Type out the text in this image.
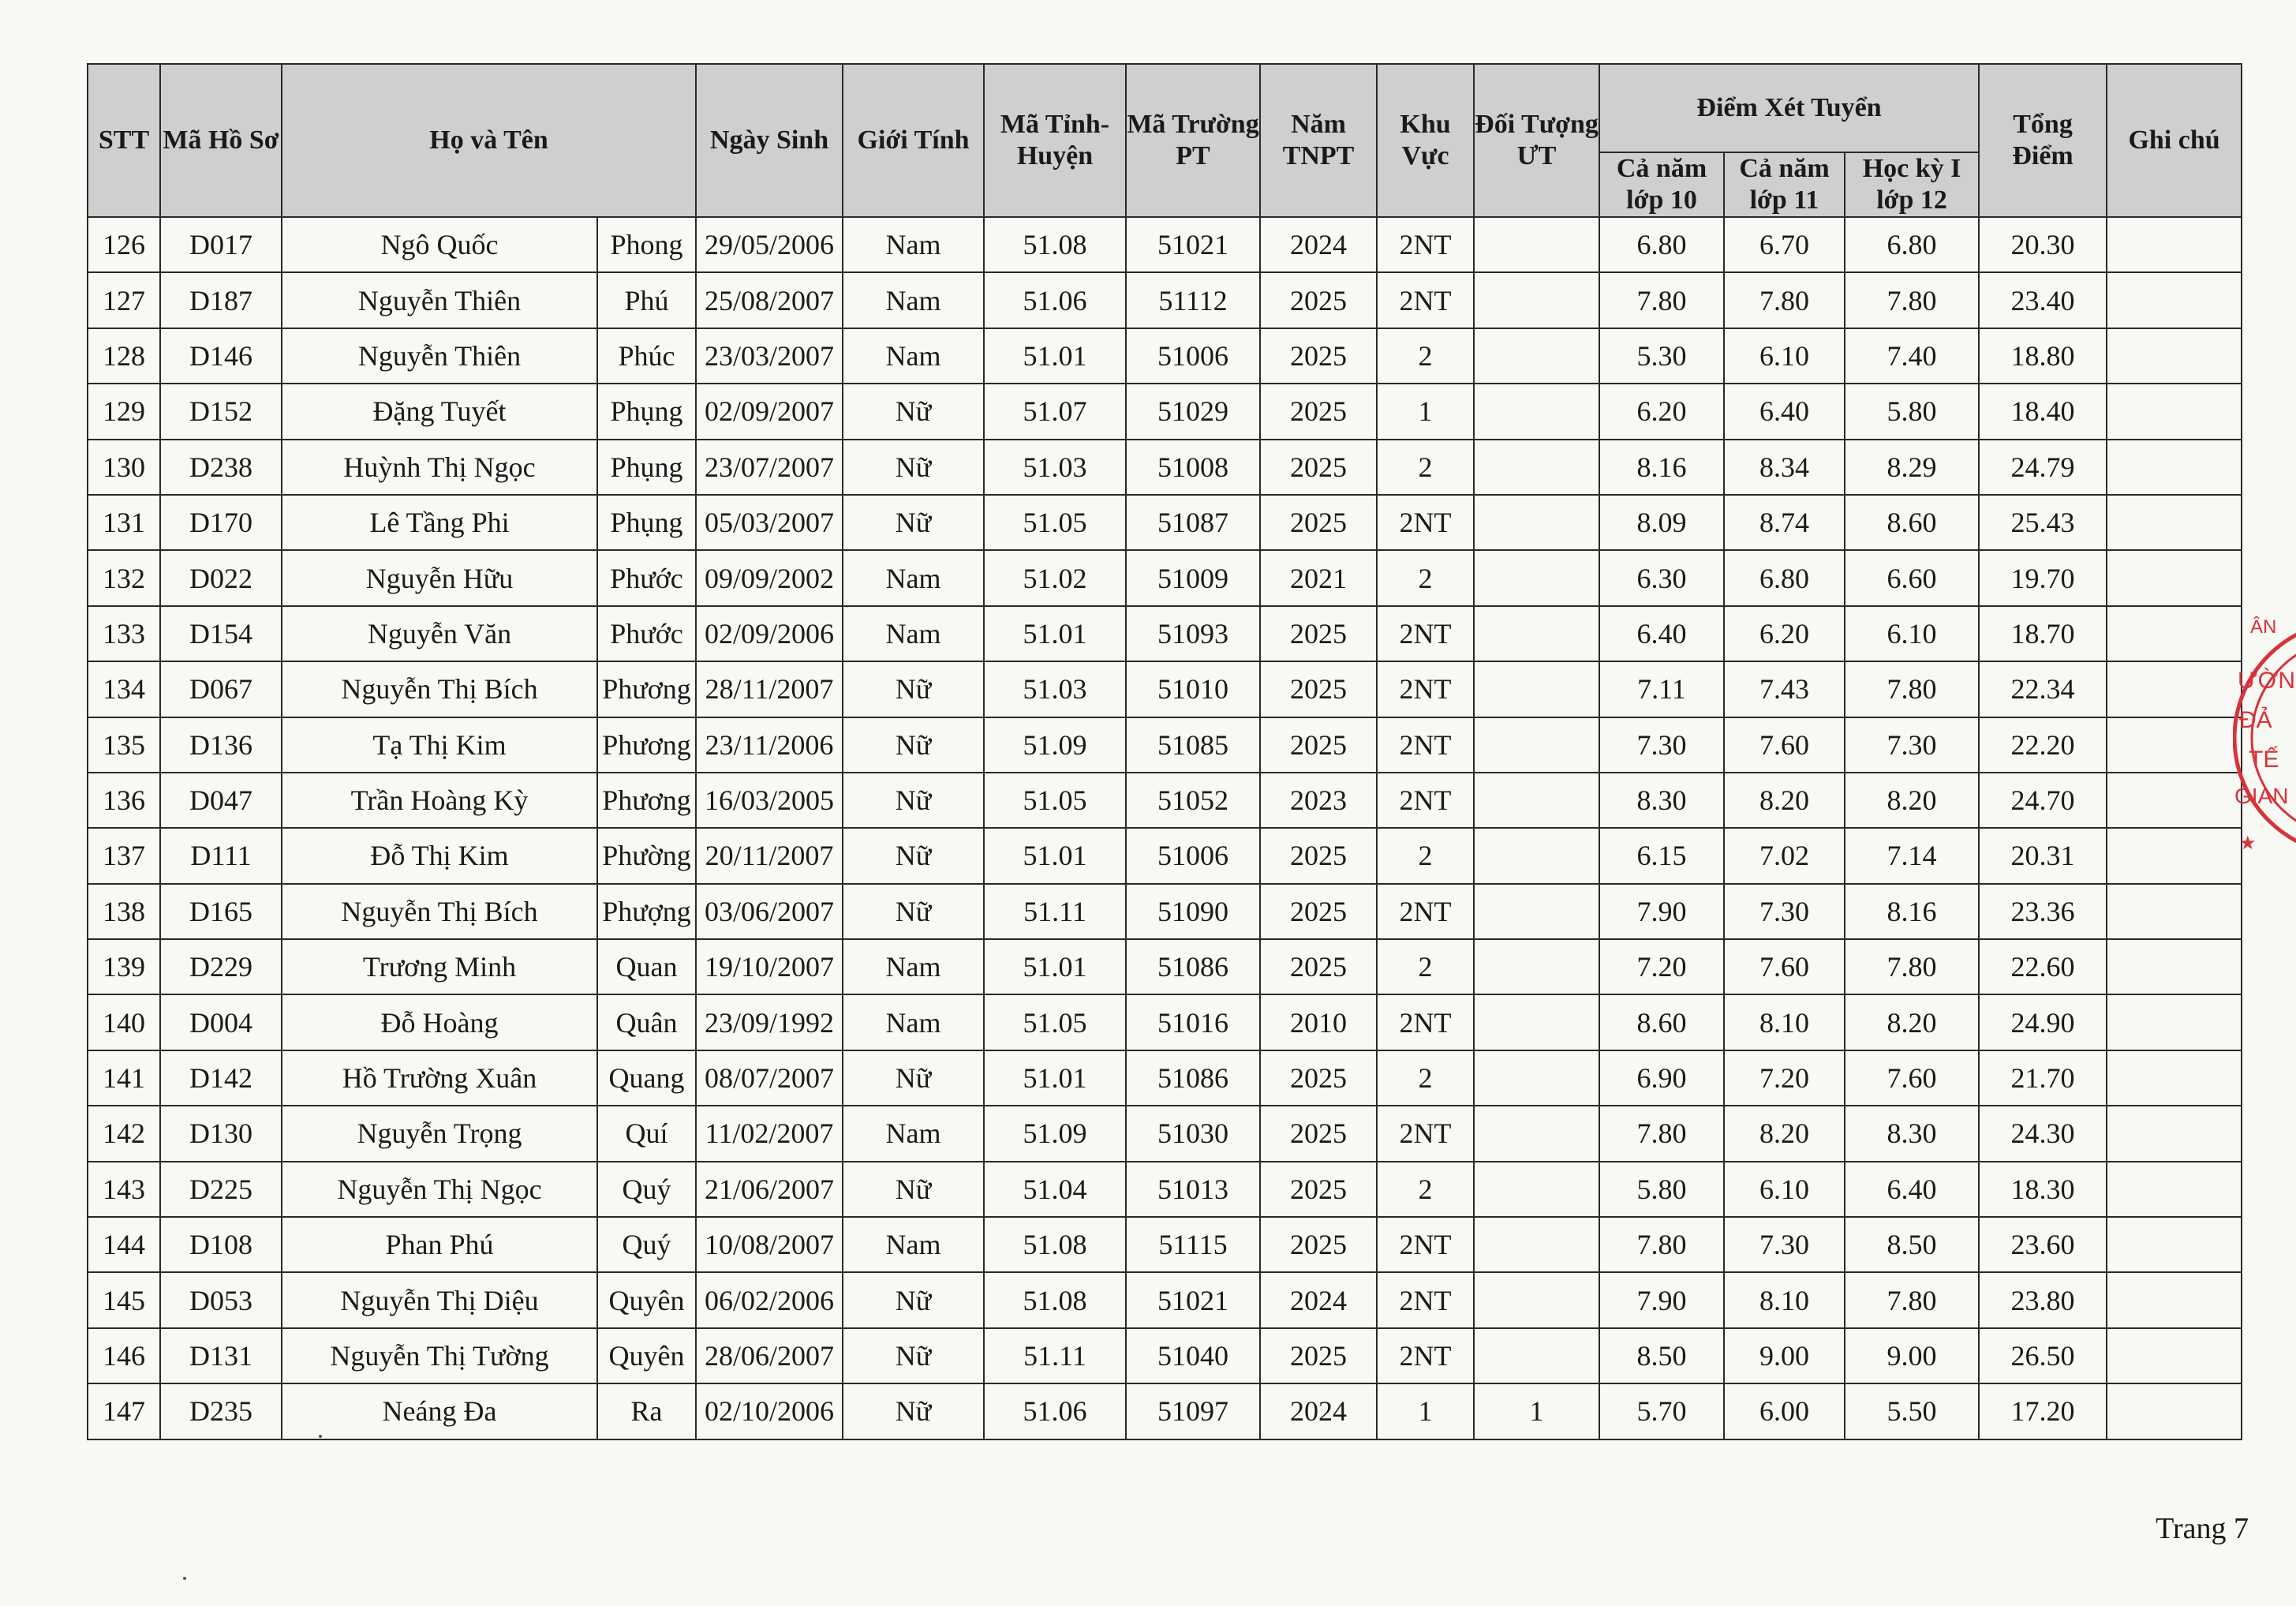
STT	Mã Hồ Sơ	Họ và Tên		Ngày Sinh	Giới Tính	Mã Tỉnh-Huyện	Mã Trường PT	Năm TNPT	Khu Vực	Đối Tượng ƯT	Điểm Xét Tuyển			Tổng Điểm	Ghi chú
											Cả năm lớp 10	Cả năm lớp 11	Học kỳ I lớp 12		
126	D017	Ngô Quốc	Phong	29/05/2006	Nam	51.08	51021	2024	2NT		6.80	6.70	6.80	20.30	
127	D187	Nguyễn Thiên	Phú	25/08/2007	Nam	51.06	51112	2025	2NT		7.80	7.80	7.80	23.40	
128	D146	Nguyễn Thiên	Phúc	23/03/2007	Nam	51.01	51006	2025	2		5.30	6.10	7.40	18.80	
129	D152	Đặng Tuyết	Phụng	02/09/2007	Nữ	51.07	51029	2025	1		6.20	6.40	5.80	18.40	
130	D238	Huỳnh Thị Ngọc	Phụng	23/07/2007	Nữ	51.03	51008	2025	2		8.16	8.34	8.29	24.79	
131	D170	Lê Tầng Phi	Phụng	05/03/2007	Nữ	51.05	51087	2025	2NT		8.09	8.74	8.60	25.43	
132	D022	Nguyễn Hữu	Phước	09/09/2002	Nam	51.02	51009	2021	2		6.30	6.80	6.60	19.70	
133	D154	Nguyễn Văn	Phước	02/09/2006	Nam	51.01	51093	2025	2NT		6.40	6.20	6.10	18.70	
134	D067	Nguyễn Thị Bích	Phương	28/11/2007	Nữ	51.03	51010	2025	2NT		7.11	7.43	7.80	22.34	
135	D136	Tạ Thị Kim	Phương	23/11/2006	Nữ	51.09	51085	2025	2NT		7.30	7.60	7.30	22.20	
136	D047	Trần Hoàng Kỳ	Phương	16/03/2005	Nữ	51.05	51052	2023	2NT		8.30	8.20	8.20	24.70	
137	D111	Đỗ Thị Kim	Phường	20/11/2007	Nữ	51.01	51006	2025	2		6.15	7.02	7.14	20.31	
138	D165	Nguyễn Thị Bích	Phượng	03/06/2007	Nữ	51.11	51090	2025	2NT		7.90	7.30	8.16	23.36	
139	D229	Trương Minh	Quan	19/10/2007	Nam	51.01	51086	2025	2		7.20	7.60	7.80	22.60	
140	D004	Đỗ Hoàng	Quân	23/09/1992	Nam	51.05	51016	2010	2NT		8.60	8.10	8.20	24.90	
141	D142	Hồ Trường Xuân	Quang	08/07/2007	Nữ	51.01	51086	2025	2		6.90	7.20	7.60	21.70	
142	D130	Nguyễn Trọng	Quí	11/02/2007	Nam	51.09	51030	2025	2NT		7.80	8.20	8.30	24.30	
143	D225	Nguyễn Thị Ngọc	Quý	21/06/2007	Nữ	51.04	51013	2025	2		5.80	6.10	6.40	18.30	
144	D108	Phan Phú	Quý	10/08/2007	Nam	51.08	51115	2025	2NT		7.80	7.30	8.50	23.60	
145	D053	Nguyễn Thị Diệu	Quyên	06/02/2006	Nữ	51.08	51021	2024	2NT		7.90	8.10	7.80	23.80	
146	D131	Nguyễn Thị Tường	Quyên	28/06/2007	Nữ	51.11	51040	2025	2NT		8.50	9.00	9.00	26.50	
147	D235	Neáng Đa	Ra	02/10/2006	Nữ	51.06	51097	2024	1	1	5.70	6.00	5.50	17.20	
ÂN
ƯỜN
ĐẢ
TẾ
GIAN
★
Trang 7
